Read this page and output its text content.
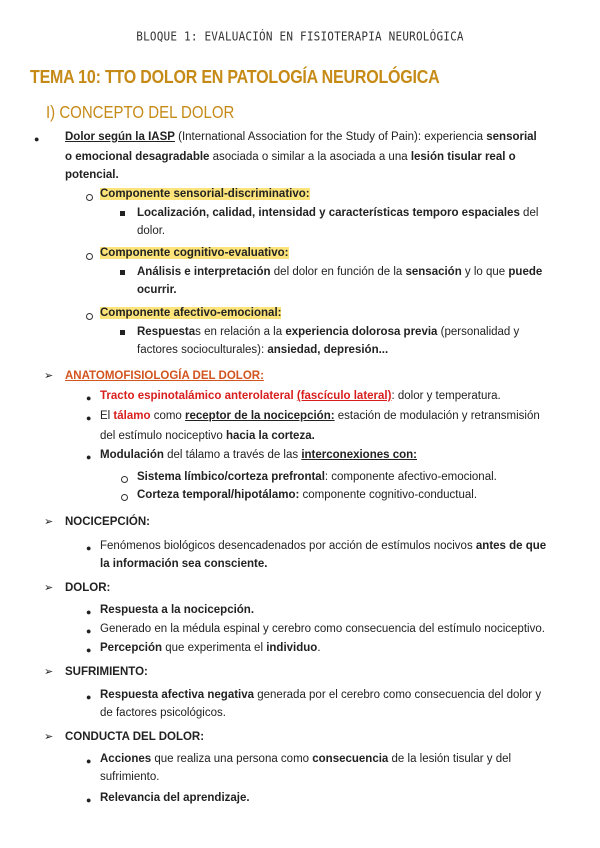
BLOQUE 1: EVALUACIÓN EN FISIOTERAPIA NEUROLÓGICA
TEMA 10: TTO DOLOR EN PATOLOGÍA NEUROLÓGICA
I) CONCEPTO DEL DOLOR
● Dolor según la IASP (International Association for the Study of Pain): experiencia sensorial
o emocional desagradable asociada o similar a la asociada a una lesión tisular real o
potencial.
Componente sensorial-discriminativo:
Localización, calidad, intensidad y características temporo espaciales del
dolor.
Componente cognitivo-evaluativo:
Análisis e interpretación del dolor en función de la sensación y lo que puede
ocurrir.
Componente afectivo-emocional:
Respuestas en relación a la experiencia dolorosa previa (personalidad y
factores socioculturales): ansiedad, depresión...
➢ ANATOMOFISIOLOGÍA DEL DOLOR:
● Tracto espinotalámico anterolateral (fascículo lateral): dolor y temperatura.
● El tálamo como receptor de la nocicepción: estación de modulación y retransmisión
del estímulo nociceptivo hacia la corteza.
● Modulación del tálamo a través de las interconexiones con:
Sistema límbico/corteza prefrontal: componente afectivo-emocional.
Corteza temporal/hipotálamo: componente cognitivo-conductual.
➢ NOCICEPCIÓN:
● Fenómenos biológicos desencadenados por acción de estímulos nocivos antes de que
la información sea consciente.
➢ DOLOR:
● Respuesta a la nocicepción.
● Generado en la médula espinal y cerebro como consecuencia del estímulo nociceptivo.
● Percepción que experimenta el individuo.
➢ SUFRIMIENTO:
● Respuesta afectiva negativa generada por el cerebro como consecuencia del dolor y
de factores psicológicos.
➢ CONDUCTA DEL DOLOR:
● Acciones que realiza una persona como consecuencia de la lesión tisular y del
sufrimiento.
● Relevancia del aprendizaje.
